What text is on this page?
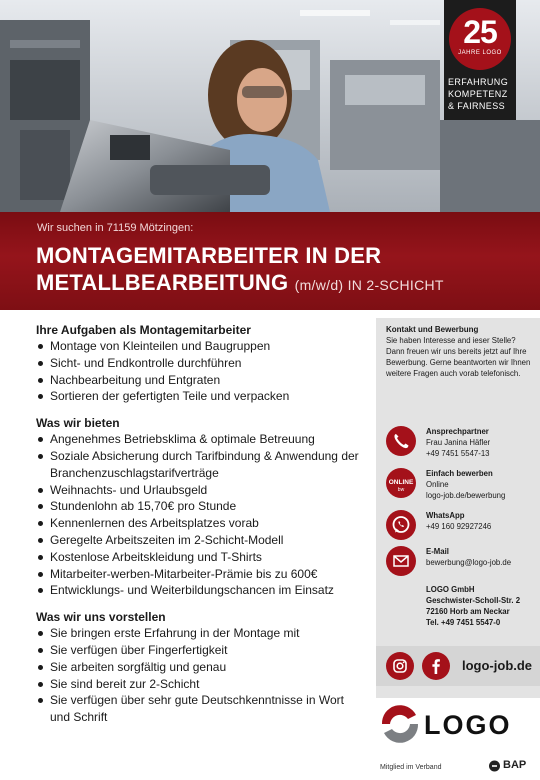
25
JAHRE LOGO
ERFAHRUNG
KOMPETENZ
& FAIRNESS
Wir suchen in 71159 Mötzingen:
MONTAGEMITARBEITER IN DER
METALLBEARBEITUNG (m/w/d) IN 2-SCHICHT
Ihre Aufgaben als Montagemitarbeiter
Montage von Kleinteilen und Baugruppen
Sicht- und Endkontrolle durchführen
Nachbearbeitung und Entgraten
Sortieren der gefertigten Teile und verpacken
Was wir bieten
Angenehmes Betriebsklima & optimale Betreuung
Soziale Absicherung durch Tarifbindung & Anwendung der Branchenzuschlagstarifverträge
Weihnachts- und Urlaubsgeld
Stundenlohn ab 15,70€ pro Stunde
Kennenlernen des Arbeitsplatzes vorab
Geregelte Arbeitszeiten im 2-Schicht-Modell
Kostenlose Arbeitskleidung und T-Shirts
Mitarbeiter-werben-Mitarbeiter-Prämie bis zu 600€
Entwicklungs- und Weiterbildungschancen im Einsatz
Was wir uns vorstellen
Sie bringen erste Erfahrung in der Montage mit
Sie verfügen über Fingerfertigkeit
Sie arbeiten sorgfältig und genau
Sie sind bereit zur 2-Schicht
Sie verfügen über sehr gute Deutschkenntnisse in Wort und Schrift
Kontakt und Bewerbung
Sie haben Interesse and ieser Stelle? Dann freuen wir uns bereits jetzt auf Ihre Bewerbung. Gerne beantworten wir Ihnen weitere Fragen auch vorab telefonisch.
Ansprechpartner
Frau Janina Häfler
+49 7451 5547-13
ONLINE
bw
Einfach bewerben
Online
logo-job.de/bewerbung
WhatsApp
+49 160 92927246
E-Mail
bewerbung@logo-job.de
LOGO GmbH
Geschwister-Scholl-Str. 2
72160 Horb am Neckar
Tel. +49 7451 5547-0
logo-job.de
LOGO
Mitglied im Verband	BAP
